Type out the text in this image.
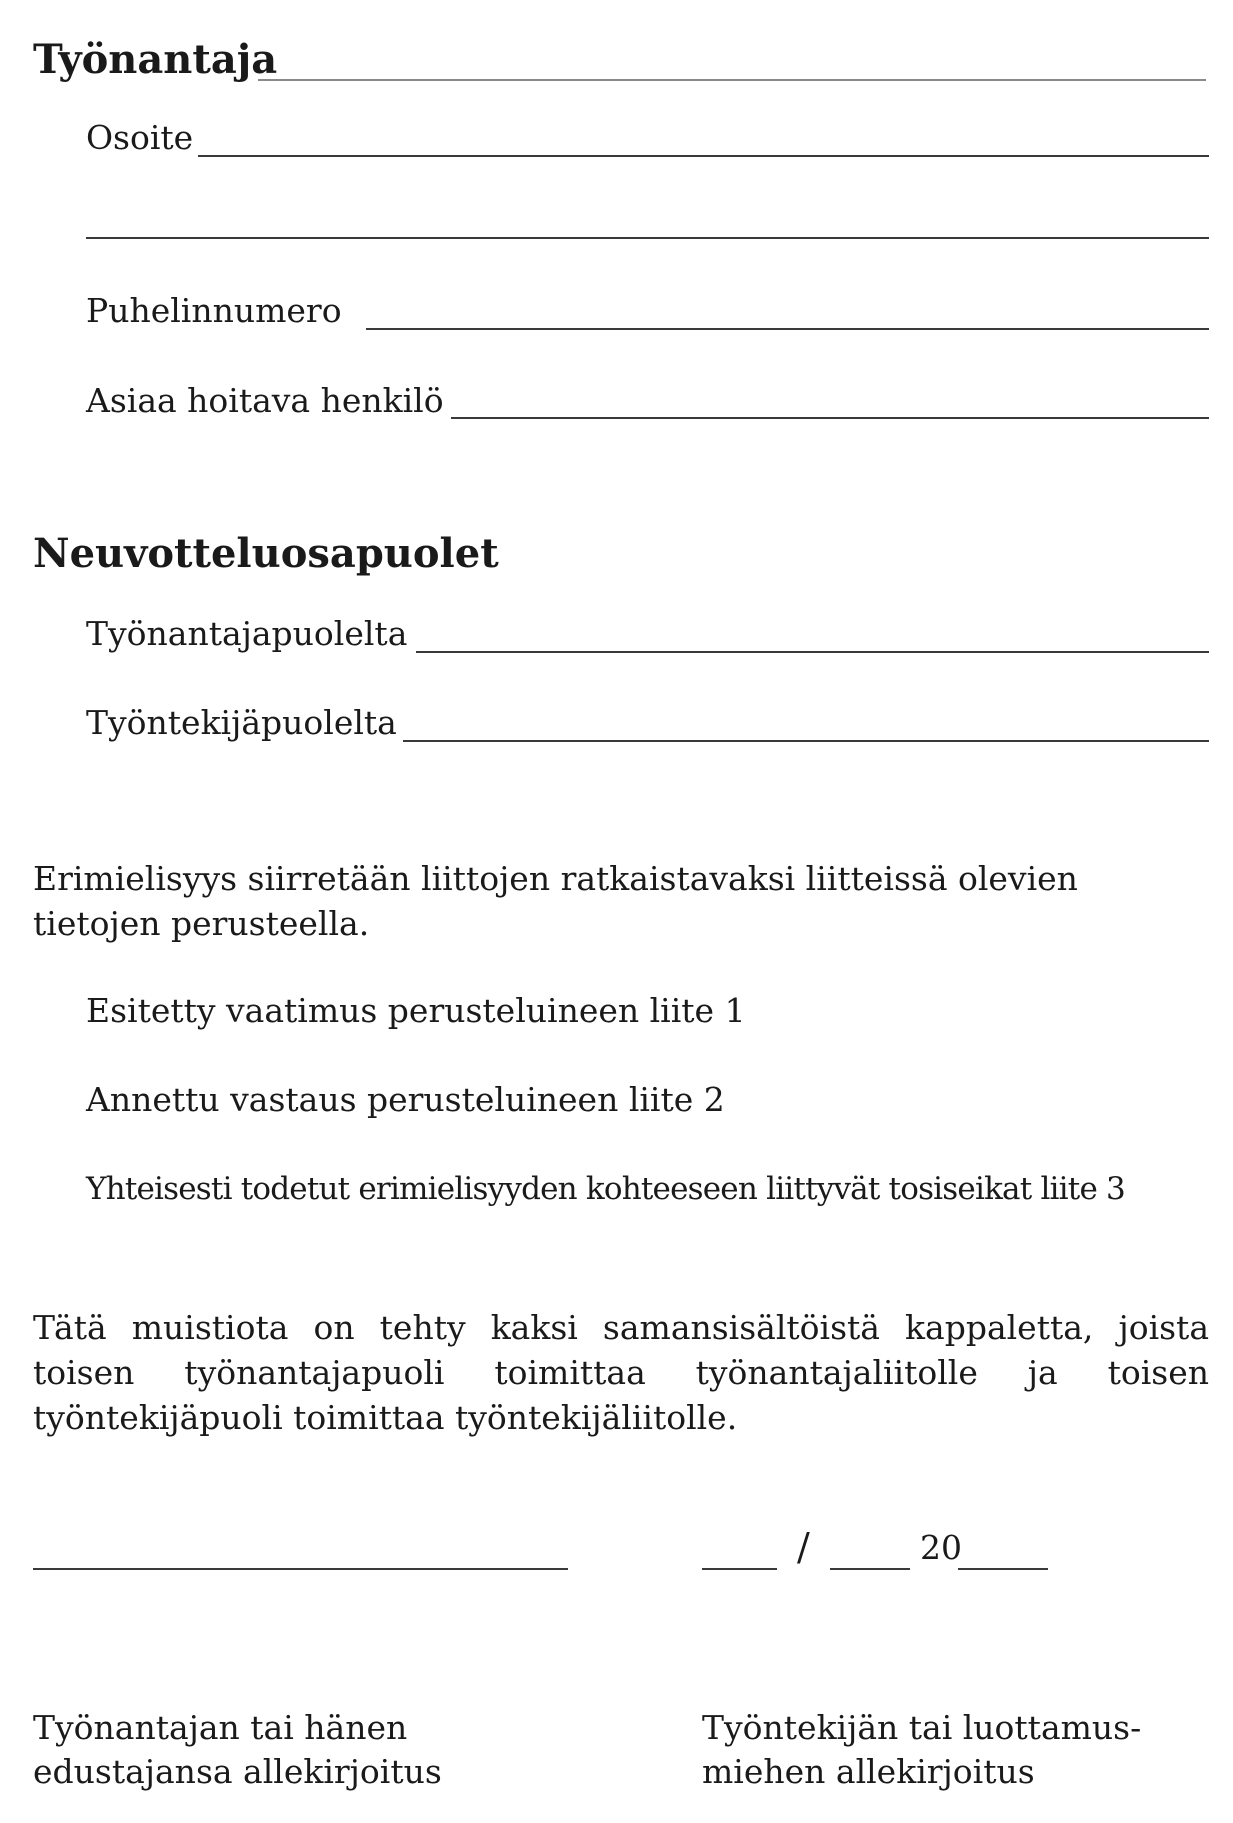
Työnantaja
Osoite
Puhelinnumero
Asiaa hoitava henkilö
Neuvotteluosapuolet
Työnantajapuolelta
Työntekijäpuolelta
Erimielisyys siirretään liittojen ratkaistavaksi liitteissä olevien tietojen perusteella.
Esitetty vaatimus perusteluineen liite 1
Annettu vastaus perusteluineen liite 2
Yhteisesti todetut erimielisyyden kohteeseen liittyvät tosiseikat liite 3
Tätä muistiota on tehty kaksi samansisältöistä kappaletta, joista toisen työnantajapuoli toimittaa työnantajaliitolle ja toisen työntekijäpuoli toimittaa työntekijäliitolle.
/	20
Työnantajan tai hänen
edustajansa allekirjoitus
Työntekijän tai luottamus-
miehen allekirjoitus
